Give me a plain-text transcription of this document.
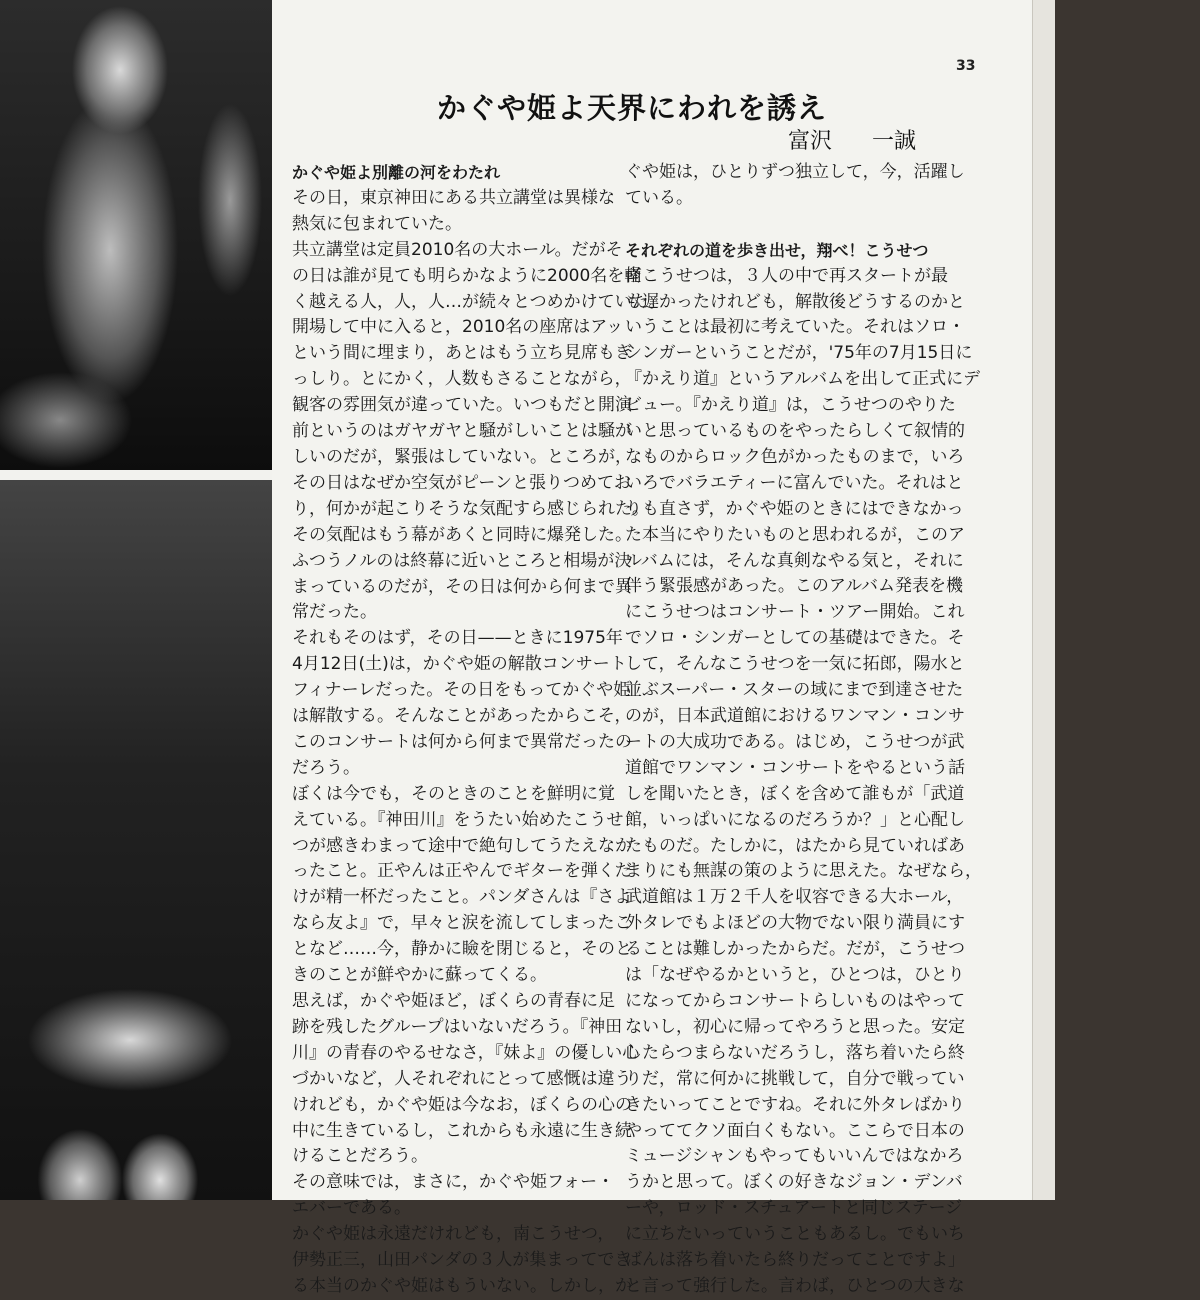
33
かぐや姫よ天界にわれを誘え
富沢 一誠
かぐや姫よ別離の河をわたれ
その日，東京神田にある共立講堂は異様な
熱気に包まれていた。
共立講堂は定員2010名の大ホール。だがそ
の日は誰が見ても明らかなように2000名を軽
く越える人，人，人…が続々とつめかけていた。
開場して中に入ると，2010名の座席はアッ
という間に埋まり，あとはもう立ち見席もぎ
っしり。とにかく，人数もさることながら，
観客の雰囲気が違っていた。いつもだと開演
前というのはガヤガヤと騒がしいことは騒が
しいのだが，緊張はしていない。ところが，
その日はなぜか空気がピーンと張りつめてお
り，何かが起こりそうな気配すら感じられた。
その気配はもう幕があくと同時に爆発した。
ふつうノルのは終幕に近いところと相場が決
まっているのだが，その日は何から何まで異
常だった。
それもそのはず，その日——ときに1975年
4月12日(土)は，かぐや姫の解散コンサート
フィナーレだった。その日をもってかぐや姫
は解散する。そんなことがあったからこそ，
このコンサートは何から何まで異常だったの
だろう。
ぼくは今でも，そのときのことを鮮明に覚
えている。『神田川』をうたい始めたこうせ
つが感きわまって途中で絶句してうたえなか
ったこと。正やんは正やんでギターを弾くだ
けが精一杯だったこと。パンダさんは『さよ
なら友よ』で，早々と涙を流してしまったこ
となど……今，静かに瞼を閉じると，そのと
きのことが鮮やかに蘇ってくる。
思えば，かぐや姫ほど，ぼくらの青春に足
跡を残したグループはいないだろう。『神田
川』の青春のやるせなさ，『妹よ』の優しい心
づかいなど，人それぞれにとって感慨は違う
けれども，かぐや姫は今なお，ぼくらの心の
中に生きているし，これからも永遠に生き続
けることだろう。
その意味では，まさに，かぐや姫フォー・
エバーである。
かぐや姫は永遠だけれども，南こうせつ，
伊勢正三，山田パンダの３人が集まってでき
る本当のかぐや姫はもういない。しかし，か
ぐや姫は，ひとりずつ独立して，今，活躍し
ている。
それぞれの道を歩き出せ，翔べ！こうせつ
南こうせつは，３人の中で再スタートが最
も遅かったけれども，解散後どうするのかと
いうことは最初に考えていた。それはソロ・
シンガーということだが，'75年の7月15日に
『かえり道』というアルバムを出して正式にデ
ビュー。『かえり道』は，こうせつのやりた
いと思っているものをやったらしくて叙情的
なものからロック色がかったものまで，いろ
いろでバラエティーに富んでいた。それはと
りも直さず，かぐや姫のときにはできなかっ
た本当にやりたいものと思われるが，このア
ルバムには，そんな真剣なやる気と，それに
伴う緊張感があった。このアルバム発表を機
にこうせつはコンサート・ツアー開始。これ
でソロ・シンガーとしての基礎はできた。そ
して，そんなこうせつを一気に拓郎，陽水と
並ぶスーパー・スターの域にまで到達させた
のが，日本武道館におけるワンマン・コンサ
ートの大成功である。はじめ，こうせつが武
道館でワンマン・コンサートをやるという話
しを聞いたとき，ぼくを含めて誰もが「武道
館，いっぱいになるのだろうか？」と心配し
たものだ。たしかに，はたから見ていればあ
まりにも無謀の策のように思えた。なぜなら，
武道館は１万２千人を収容できる大ホール，
外タレでもよほどの大物でない限り満員にす
ることは難しかったからだ。だが，こうせつ
は「なぜやるかというと，ひとつは，ひとり
になってからコンサートらしいものはやって
ないし，初心に帰ってやろうと思った。安定
したらつまらないだろうし，落ち着いたら終
りだ，常に何かに挑戦して，自分で戦ってい
きたいってことですね。それに外タレばかり
やっててクソ面白くもない。ここらで日本の
ミュージシャンもやってもいいんではなかろ
うかと思って。ぼくの好きなジョン・デンバ
ーや，ロッド・スチュアートと同じステージ
に立ちたいっていうこともあるし。でもいち
ばんは落ち着いたら終りだってことですよ」
と言って強行した。言わば，ひとつの大きな
